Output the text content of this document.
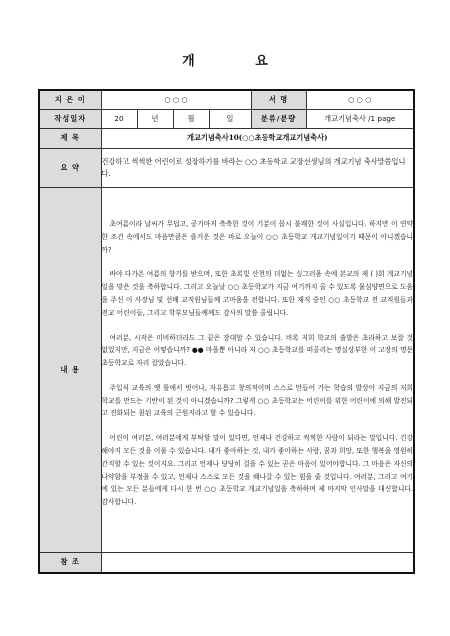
개 요
지 은 이	○ ○ ○				서 명	○ ○ ○
작성일자	20	년	월	일	분류/분량	개교기념축사 /1 page
제 목	개교기념축사10(○○초등학교개교기념축사)					
요 약	건강하고 씩씩한 어린이로 성장하기를 바라는 ○○ 초등학교 교장선생님의 개교기념 축사말씀입니다.					
내 용	초여름이라 날씨가 무덥고, 공기마저 축축한 것이 기분이 몹시 불쾌한 것이 사실입니다. 하지만 이 연약한 조건 속에서도 마음만큼은 즐거운 것은 바로 오늘이 ○○ 초등학교 개교기념일이기 때문이 아니겠습니까?

바야 다가온 여름의 향기를 받으며, 또한 초록빛 산천의 더없는 싱그러움 속에 본교의 제 ( )회 개교기념일을 맞은 것을 축하합니다. 그리고 오늘날 ○○ 초등학교가 지금 여기까지 올 수 있도록 물심양면으로 도움을 주신 이 사장님 및 선배 교직원님들께 고마움을 전합니다. 또한 재직 중인 ○○ 초등학교 전 교직원들과 전교 어린이들, 그리고 학부모님들께께도 감사의 말씀 올립니다.

여러분, 시작은 미비하더라도 그 끝은 장대할 수 있습니다. 비록 저희 학교의 출발은 초라하고 보잘 것 없었지만, 지금은 어떻습니까? ●● 마을뿐 아니라 저 ○○ 초등학교를 떠올리는 명실상부한 이 고장의 명문 초등학교로 자리 잡았습니다.

주입식 교육의 옛 틀에서 벗어나, 자유롭고 창의적이며 스스로 만들어 가는 학습의 발상이 지금의 저희 학교를 만드는 기반이 된 것이 아니겠습니까? 그렇게 ○○ 초등학교는 어린이를 위한 어린이에 의해 발전되고 진화되는 참된 교육의 근원지라고 할 수 있습니다.

어린이 여러분, 여러분에게 부탁할 말이 있다면, 언제나 건강하고 씩씩한 사람이 되라는 말입니다. 건강해야지 모든 것을 이룰 수 있습니다. 내가 좋아하는 것, 내가 좋아하는 사람, 꿈과 희망, 또한 행복을 영원히 간직할 수 있는 것이지요. 그리고 언제나 당당히 걸을 수 있는 곧은 마음이 있어야합니다. 그 마음은 자신의 나약함을 부정을 수 있고, 언제나 스스로 모든 것을 해나갈 수 있는 힘을 줄 것입니다. 여러분, 그리고 여기에 있는 모든 분들에게 다시 한 번 ○○ 초등학교 개교기념일을 축하하며 제 마지막 인사말을 대신합니다. 감사합니다.					

참 조						
